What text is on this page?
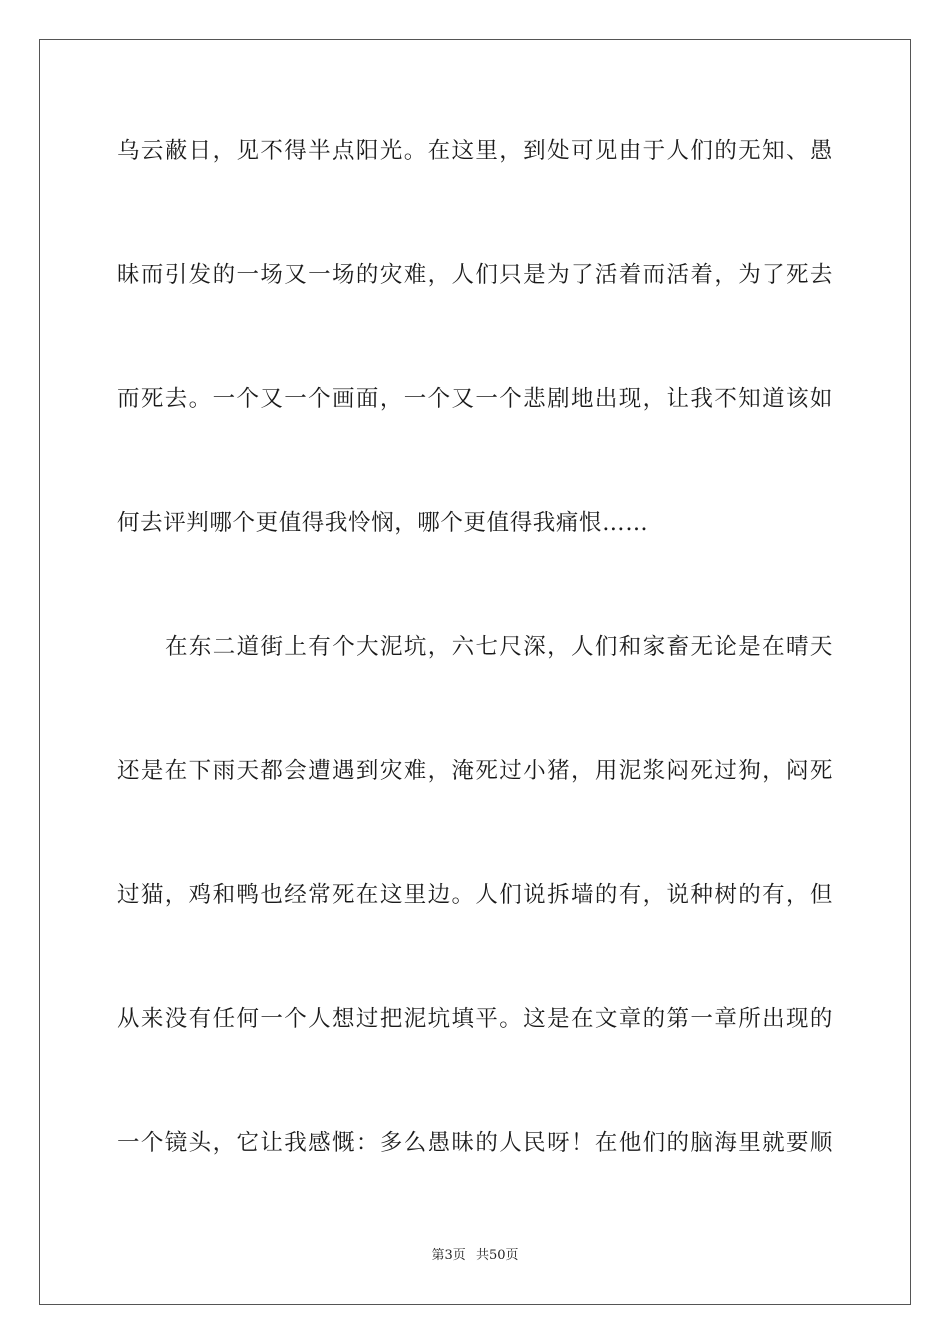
乌云蔽日，见不得半点阳光。在这里，到处可见由于人们的无知、愚
昧而引发的一场又一场的灾难，人们只是为了活着而活着，为了死去
而死去。一个又一个画面，一个又一个悲剧地出现，让我不知道该如
何去评判哪个更值得我怜悯，哪个更值得我痛恨……
在东二道街上有个大泥坑，六七尺深，人们和家畜无论是在晴天
还是在下雨天都会遭遇到灾难，淹死过小猪，用泥浆闷死过狗，闷死
过猫，鸡和鸭也经常死在这里边。人们说拆墙的有，说种树的有，但
从来没有任何一个人想过把泥坑填平。这是在文章的第一章所出现的
一个镜头，它让我感慨：多么愚昧的人民呀！在他们的脑海里就要顺
第3页 共50页
